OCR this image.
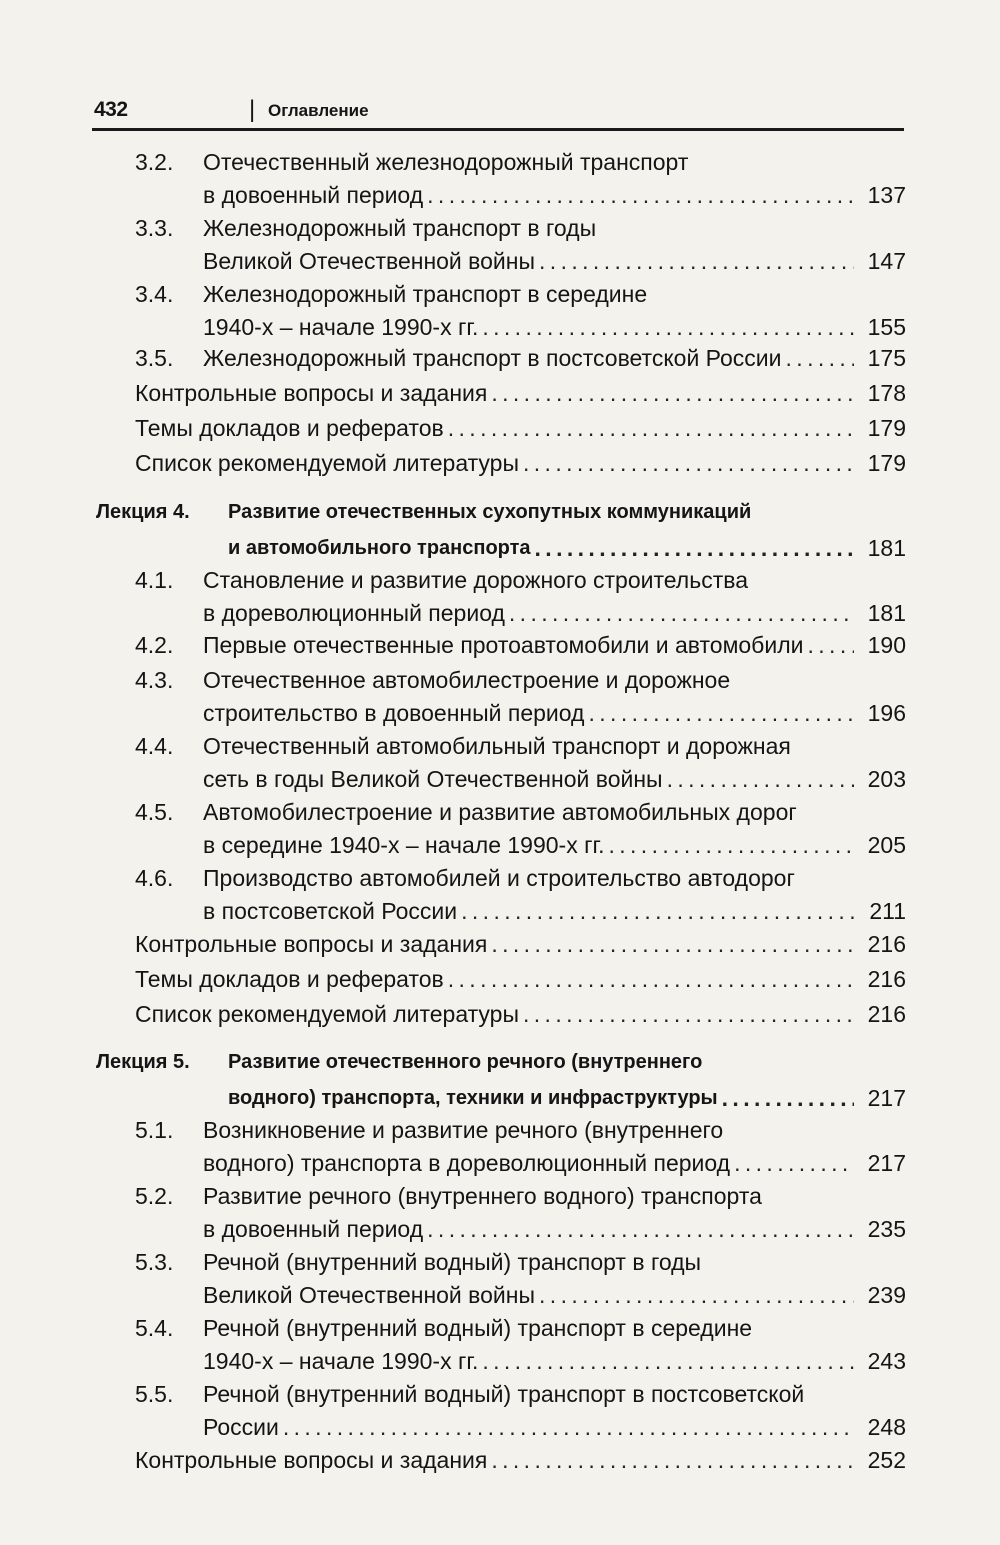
432	| Оглавление
3.2. Отечественный железнодорожный транспорт
в довоенный период . . .	137
3.3. Железнодорожный транспорт в годы
Великой Отечественной войны . . .	147
3.4. Железнодорожный транспорт в середине
1940-х – начале 1990-х гг. . . .	155
3.5. Железнодорожный транспорт в постсоветской России . . .	175
Контрольные вопросы и задания . . .	178
Темы докладов и рефератов . . .	179
Список рекомендуемой литературы . . .	179
Лекция 4. Развитие отечественных сухопутных коммуникаций
и автомобильного транспорта . . .	181
4.1. Становление и развитие дорожного строительства
в дореволюционный период . . .	181
4.2. Первые отечественные протоавтомобили и автомобили . . .	190
4.3. Отечественное автомобилестроение и дорожное
строительство в довоенный период . . .	196
4.4. Отечественный автомобильный транспорт и дорожная
сеть в годы Великой Отечественной войны . . .	203
4.5. Автомобилестроение и развитие автомобильных дорог
в середине 1940-х – начале 1990-х гг. . . .	205
4.6. Производство автомобилей и строительство автодорог
в постсоветской России . . .	211
Контрольные вопросы и задания . . .	216
Темы докладов и рефератов . . .	216
Список рекомендуемой литературы . . .	216
Лекция 5. Развитие отечественного речного (внутреннего
водного) транспорта, техники и инфраструктуры . . .	217
5.1. Возникновение и развитие речного (внутреннего
водного) транспорта в дореволюционный период . . .	217
5.2. Развитие речного (внутреннего водного) транспорта
в довоенный период . . .	235
5.3. Речной (внутренний водный) транспорт в годы
Великой Отечественной войны . . .	239
5.4. Речной (внутренний водный) транспорт в середине
1940-х – начале 1990-х гг. . . .	243
5.5. Речной (внутренний водный) транспорт в постсоветской
России . . .	248
Контрольные вопросы и задания . . .	252
